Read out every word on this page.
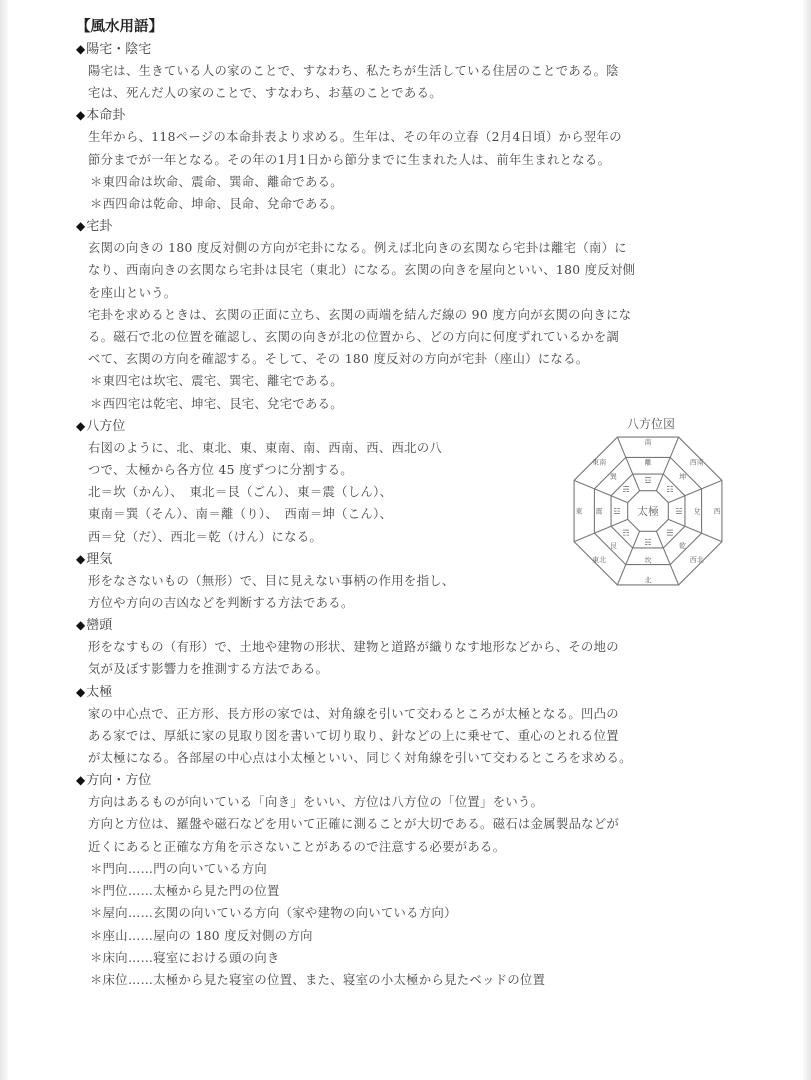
【風水用語】
◆陽宅・陰宅
陽宅は、生きている人の家のことで、すなわち、私たちが生活している住居のことである。陰
宅は、死んだ人の家のことで、すなわち、お墓のことである。
◆本命卦
生年から、118ページの本命卦表より求める。生年は、その年の立春（2月4日頃）から翌年の
節分までが一年となる。その年の1月1日から節分までに生まれた人は、前年生まれとなる。
＊東四命は坎命、震命、巽命、離命である。
＊西四命は乾命、坤命、艮命、兌命である。
◆宅卦
玄関の向きの 180 度反対側の方向が宅卦になる。例えば北向きの玄関なら宅卦は離宅（南）に
なり、西南向きの玄関なら宅卦は艮宅（東北）になる。玄関の向きを屋向といい、180 度反対側
を座山という。
宅卦を求めるときは、玄関の正面に立ち、玄関の両端を結んだ線の 90 度方向が玄関の向きにな
る。磁石で北の位置を確認し、玄関の向きが北の位置から、どの方向に何度ずれているかを調
べて、玄関の方向を確認する。そして、その 180 度反対の方向が宅卦（座山）になる。
＊東四宅は坎宅、震宅、巽宅、離宅である。
＊西四宅は乾宅、坤宅、艮宅、兌宅である。
◆八方位
右図のように、北、東北、東、東南、南、西南、西、西北の八
つで、太極から各方位 45 度ずつに分割する。
北＝坎（かん）、　東北＝艮（ごん）、東＝震（しん）、
東南＝巽（そん）、南＝離（り）、　西南＝坤（こん）、
西＝兌（だ）、西北＝乾（けん）になる。
八方位図
南
西南
西
西北
北
東北
東
東南	離
坤
兌
乾
坎
艮
震
巽	☲
☷
☱
☰
☵
☶
☳
☴
太極
◆理気
形をなさないもの（無形）で、目に見えない事柄の作用を指し、
方位や方向の吉凶などを判断する方法である。
◆巒頭
形をなすもの（有形）で、土地や建物の形状、建物と道路が織りなす地形などから、その地の
気が及ぼす影響力を推測する方法である。
◆太極
家の中心点で、正方形、長方形の家では、対角線を引いて交わるところが太極となる。凹凸の
ある家では、厚紙に家の見取り図を書いて切り取り、針などの上に乗せて、重心のとれる位置
が太極になる。各部屋の中心点は小太極といい、同じく対角線を引いて交わるところを求める。
◆方向・方位
方向はあるものが向いている「向き」をいい、方位は八方位の「位置」をいう。
方向と方位は、羅盤や磁石などを用いて正確に測ることが大切である。磁石は金属製品などが
近くにあると正確な方角を示さないことがあるので注意する必要がある。
＊門向……門の向いている方向
＊門位……太極から見た門の位置
＊屋向……玄関の向いている方向（家や建物の向いている方向）
＊座山……屋向の 180 度反対側の方向
＊床向……寝室における頭の向き
＊床位……太極から見た寝室の位置、また、寝室の小太極から見たベッドの位置
